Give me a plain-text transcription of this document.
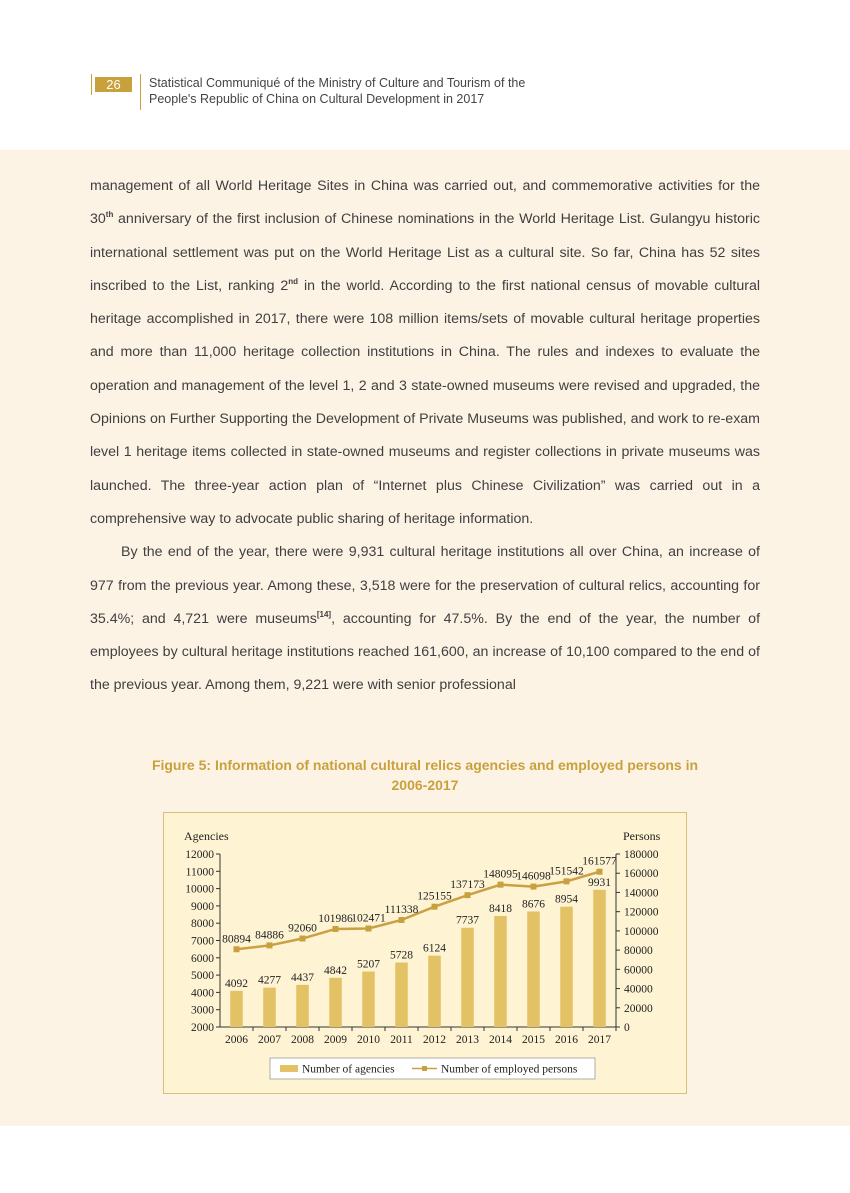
26	Statistical Communiqué of the Ministry of Culture and Tourism of the
People's Republic of China on Cultural Development in 2017

management of all World Heritage Sites in China was carried out, and commemorative activities for the 30th anniversary of the first inclusion of Chinese nominations in the World Heritage List. Gulangyu historic international settlement was put on the World Heritage List as a cultural site. So far, China has 52 sites inscribed to the List, ranking 2nd in the world. According to the first national census of movable cultural heritage accomplished in 2017, there were 108 million items/sets of movable cultural heritage properties and more than 11,000 heritage collection institutions in China. The rules and indexes to evaluate the operation and management of the level 1, 2 and 3 state-owned museums were revised and upgraded, the Opinions on Further Supporting the Development of Private Museums was published, and work to re-exam level 1 heritage items collected in state-owned museums and register collections in private museums was launched. The three-year action plan of “Internet plus Chinese Civilization” was carried out in a comprehensive way to advocate public sharing of heritage information.

By the end of the year, there were 9,931 cultural heritage institutions all over China, an increase of 977 from the previous year. Among these, 3,518 were for the preservation of cultural relics, accounting for 35.4%; and 4,721 were museums[14], accounting for 47.5%. By the end of the year, the number of employees by cultural heritage institutions reached 161,600, an increase of 10,100 compared to the end of the previous year. Among them, 9,221 were with senior professional

Figure 5: Information of national cultural relics agencies and employed persons in
2006-2017
Agencies	Persons
2000
3000
4000
5000
6000
7000
8000
9000
10000
11000
12000
0
20000
40000
60000
80000
100000
120000
140000
160000
180000
4092
2006
4277
2007
4437
2008
4842
2009
5207
2010
5728
2011
6124
2012
7737
2013
8418
2014
8676
2015
8954
2016
9931
2017
80894 84886
92060
101986
102471
111338
125155
137173
148095
146098
151542
161577
Number of agencies	Number of employed persons
